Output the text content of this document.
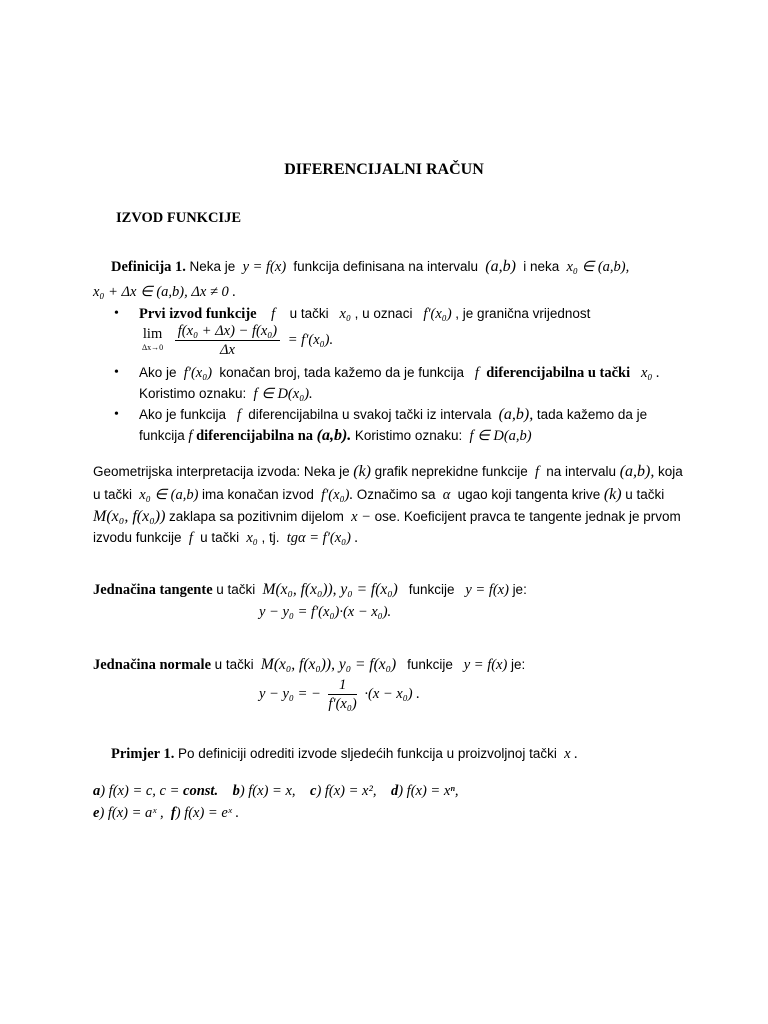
DIFERENCIJALNI RAČUN
IZVOD FUNKCIJE
Definicija 1. Neka je y = f(x) funkcija definisana na intervalu (a,b) i neka x₀ ∈ (a,b),
x₀ + Δx ∈ (a,b), Δx ≠ 0 .
• Prvi izvod funkcije f u tački x₀ , u oznaci f′(x₀) , je granična vrijednost
lim
Δx→0
$\frac{\text{f(x₀ + Δx) − f(x₀)}}{\Delta x} = f'(x_0)$.
• Ako je f′(x₀) konačan broj, tada kažemo da je funkcija f diferencijabilna u tački x₀ .
Koristimo oznaku: f ∈ D(x₀).
• Ako je funkcija f diferencijabilna u svakoj tački iz intervala (a,b), tada kažemo da je
funkcija f diferencijabilna na (a,b). Koristimo oznaku: f ∈ D(a,b)
Geometrijska interpretacija izvoda: Neka je (k) grafik neprekidne funkcije f na intervalu (a,b), koja
u tački x₀ ∈ (a,b) ima konačan izvod f′(x₀). Označimo sa α ugao koji tangenta krive (k) u tački
M(x₀, f(x₀)) zaklapa sa pozitivnim dijelom x − ose. Koeficijent pravca te tangente jednak je prvom
izvodu funkcije f u tački x₀ , tj. tgα = f′(x₀) .
Jednačina tangente u tački M(x₀, f(x₀)), y₀ = f(x₀) funkcije y = f(x) je:
y − y₀ = f′(x₀)·(x − x₀).
Jednačina normale u tački M(x₀, f(x₀)), y₀ = f(x₀) funkcije y = f(x) je:
y − y₀ = − $\frac{1}{\text{f′(x₀)}} \cdot(x - x_0)$ .
Primjer 1. Po definiciji odrediti izvode sljedećih funkcija u proizvoljnoj tački x .
a) f(x) = c, c = const. b) f(x) = x, c) f(x) = x², d) f(x) = xⁿ,
e) f(x) = aˣ , f) f(x) = eˣ .
